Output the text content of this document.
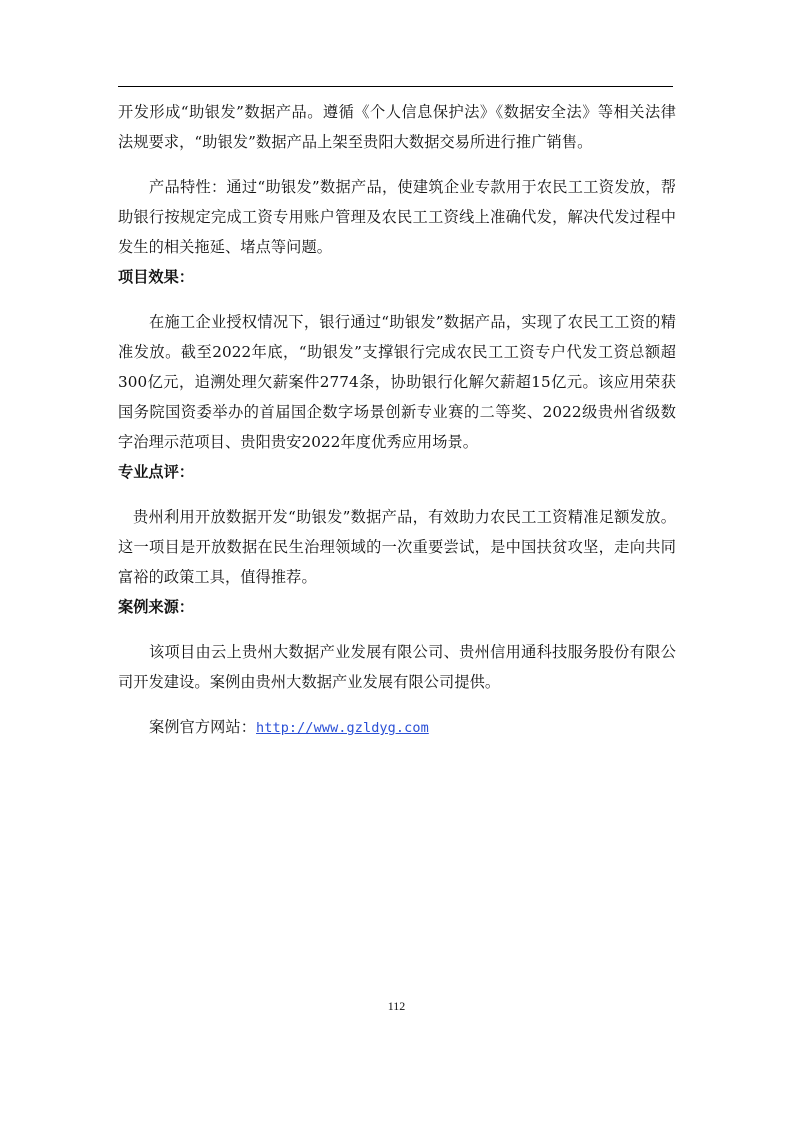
开发形成“助银发”数据产品。遵循《个人信息保护法》《数据安全法》等相关法律法规要求，“助银发”数据产品上架至贵阳大数据交易所进行推广销售。

产品特性：通过“助银发”数据产品，使建筑企业专款用于农民工工资发放，帮助银行按规定完成工资专用账户管理及农民工工资线上准确代发，解决代发过程中发生的相关拖延、堵点等问题。

项目效果：

在施工企业授权情况下，银行通过“助银发”数据产品，实现了农民工工资的精准发放。截至2022年底，“助银发”支撑银行完成农民工工资专户代发工资总额超300亿元，追溯处理欠薪案件2774条，协助银行化解欠薪超15亿元。该应用荣获国务院国资委举办的首届国企数字场景创新专业赛的二等奖、2022级贵州省级数字治理示范项目、贵阳贵安2022年度优秀应用场景。

专业点评：

贵州利用开放数据开发“助银发”数据产品，有效助力农民工工资精准足额发放。这一项目是开放数据在民生治理领域的一次重要尝试，是中国扶贫攻坚，走向共同富裕的政策工具，值得推荐。

案例来源：

该项目由云上贵州大数据产业发展有限公司、贵州信用通科技服务股份有限公司开发建设。案例由贵州大数据产业发展有限公司提供。

案例官方网站：http://www.gzldyg.com

112
